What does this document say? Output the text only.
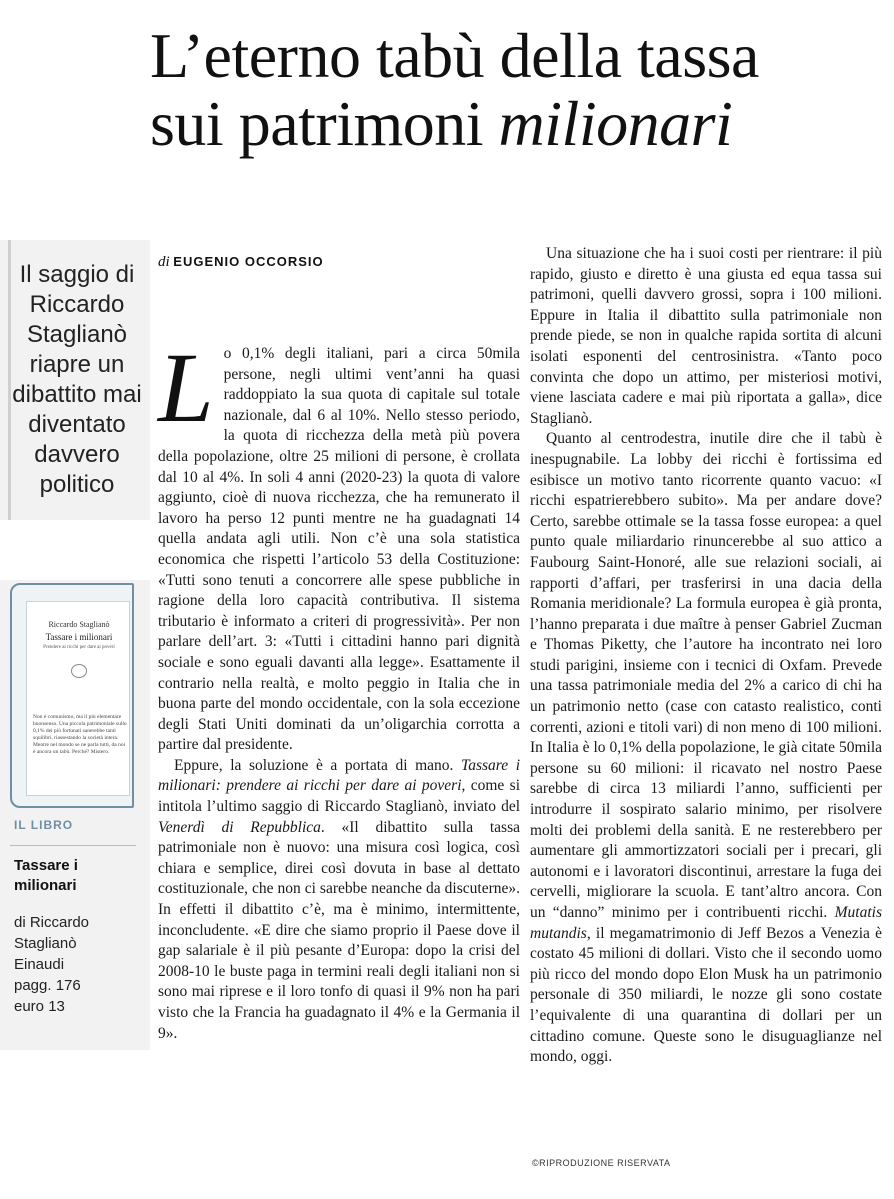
L’eterno tabù della tassa
sui patrimoni milionari
Il saggio di Riccardo Staglianò riapre un dibattito mai diventato davvero politico
Riccardo Staglianò
Tassare i milionari
Prendere ai ricchi per dare ai poveri
Non è comunismo, ma il più elementare buonsenso. Una piccola patrimoniale sullo 0,1% dei più fortunati sanerebbe tanti squilibri, riassestando la società intera. Mentre nel mondo se ne parla tutti, da noi è ancora un tabù. Perché? Mistero.
IL LIBRO
Tassare i milionari
di Riccardo
Staglianò
Einaudi
pagg. 176
euro 13
di EUGENIO OCCORSIO

Lo 0,1% degli italiani, pari a circa 50mila persone, negli ultimi vent’anni ha quasi raddoppiato la sua quota di capitale sul totale nazionale, dal 6 al 10%. Nello stesso periodo, la quota di ricchezza della metà più povera della popolazione, oltre 25 milioni di persone, è crollata dal 10 al 4%. In soli 4 anni (2020-23) la quota di valore aggiunto, cioè di nuova ricchezza, che ha remunerato il lavoro ha perso 12 punti mentre ne ha guadagnati 14 quella andata agli utili. Non c’è una sola statistica economica che rispetti l’articolo 53 della Costituzione: «Tutti sono tenuti a concorrere alle spese pubbliche in ragione della loro capacità contributiva. Il sistema tributario è informato a criteri di progressività». Per non parlare dell’art. 3: «Tutti i cittadini hanno pari dignità sociale e sono eguali davanti alla legge». Esattamente il contrario nella realtà, e molto peggio in Italia che in buona parte del mondo occidentale, con la sola eccezione degli Stati Uniti dominati da un’oligarchia corrotta a partire dal presidente.

Eppure, la soluzione è a portata di mano. Tassare i milionari: prendere ai ricchi per dare ai poveri, come si intitola l’ultimo saggio di Riccardo Staglianò, inviato del Venerdì di Repubblica. «Il dibattito sulla tassa patrimoniale non è nuovo: una misura così logica, così chiara e semplice, direi così dovuta in base al dettato costituzionale, che non ci sarebbe neanche da discuterne». In effetti il dibattito c’è, ma è minimo, intermittente, inconcludente. «E dire che siamo proprio il Paese dove il gap salariale è il più pesante d’Europa: dopo la crisi del 2008-10 le buste paga in termini reali degli italiani non si sono mai riprese e il loro tonfo di quasi il 9% non ha pari visto che la Francia ha guadagnato il 4% e la Germania il 9».

Una situazione che ha i suoi costi per rientrare: il più rapido, giusto e diretto è una giusta ed equa tassa sui patrimoni, quelli davvero grossi, sopra i 100 milioni. Eppure in Italia il dibattito sulla patrimoniale non prende piede, se non in qualche rapida sortita di alcuni isolati esponenti del centrosinistra. «Tanto poco convinta che dopo un attimo, per misteriosi motivi, viene lasciata cadere e mai più riportata a galla», dice Staglianò.

Quanto al centrodestra, inutile dire che il tabù è inespugnabile. La lobby dei ricchi è fortissima ed esibisce un motivo tanto ricorrente quanto vacuo: «I ricchi espatrierebbero subito». Ma per andare dove? Certo, sarebbe ottimale se la tassa fosse europea: a quel punto quale miliardario rinuncerebbe al suo attico a Faubourg Saint-Honoré, alle sue relazioni sociali, ai rapporti d’affari, per trasferirsi in una dacia della Romania meridionale? La formula europea è già pronta, l’hanno preparata i due maître à penser Gabriel Zucman e Thomas Piketty, che l’autore ha incontrato nei loro studi parigini, insieme con i tecnici di Oxfam. Prevede una tassa patrimoniale media del 2% a carico di chi ha un patrimonio netto (case con catasto realistico, conti correnti, azioni e titoli vari) di non meno di 100 milioni. In Italia è lo 0,1% della popolazione, le già citate 50mila persone su 60 milioni: il ricavato nel nostro Paese sarebbe di circa 13 miliardi l’anno, sufficienti per introdurre il sospirato salario minimo, per risolvere molti dei problemi della sanità. E ne resterebbero per aumentare gli ammortizzatori sociali per i precari, gli autonomi e i lavoratori discontinui, arrestare la fuga dei cervelli, migliorare la scuola. E tant’altro ancora. Con un “danno” minimo per i contribuenti ricchi. Mutatis mutandis, il megamatrimonio di Jeff Bezos a Venezia è costato 45 milioni di dollari. Visto che il secondo uomo più ricco del mondo dopo Elon Musk ha un patrimonio personale di 350 miliardi, le nozze gli sono costate l’equivalente di una quarantina di dollari per un cittadino comune. Queste sono le disuguaglianze nel mondo, oggi.

©RIPRODUZIONE RISERVATA
